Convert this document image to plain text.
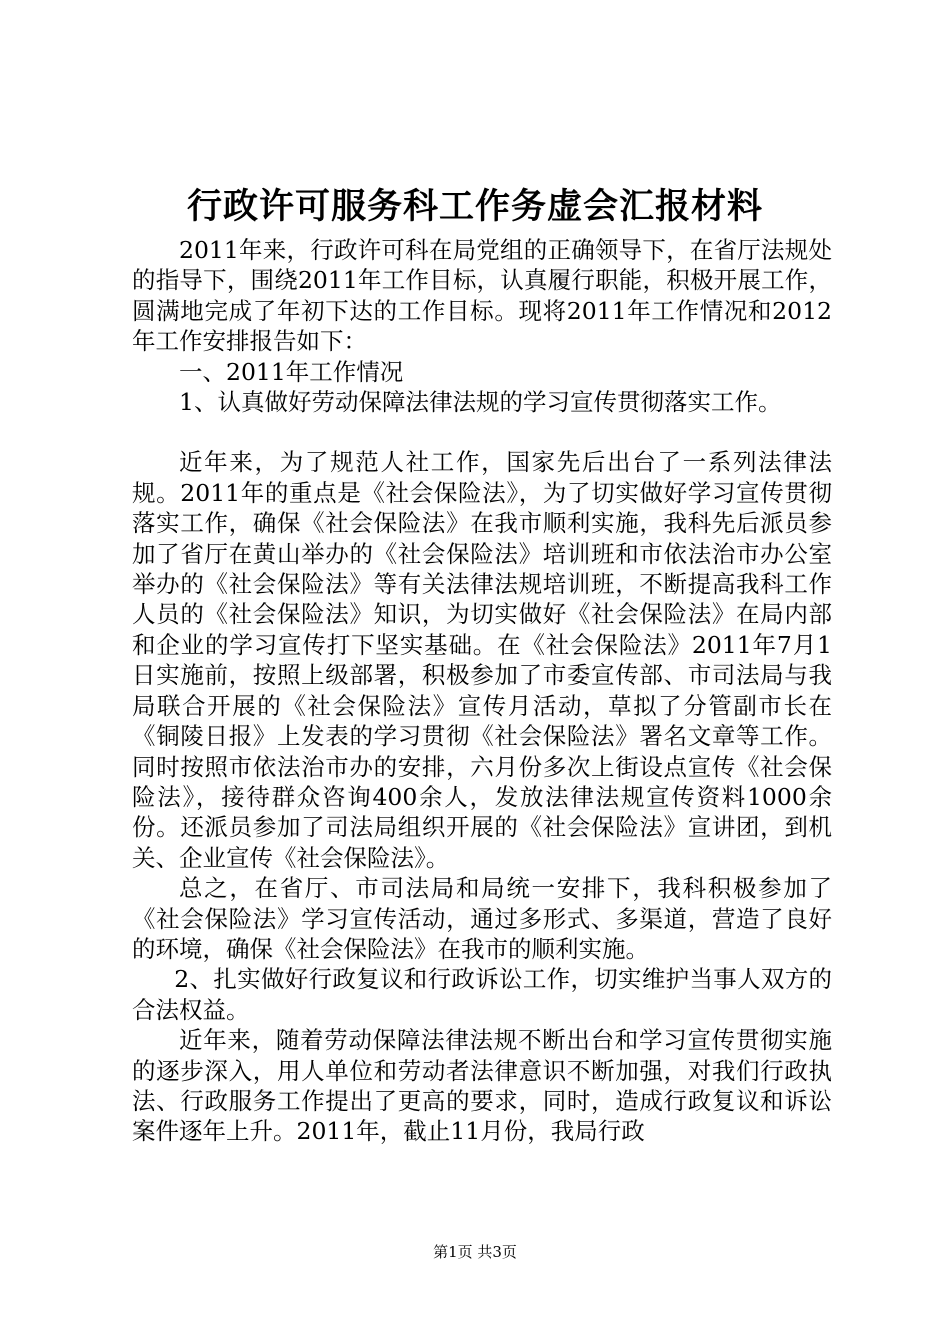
行政许可服务科工作务虚会汇报材料

2011年来，行政许可科在局党组的正确领导下，在省厅法规处的指导下，围绕2011年工作目标，认真履行职能，积极开展工作，圆满地完成了年初下达的工作目标。现将2011年工作情况和2012年工作安排报告如下：

一、2011年工作情况

1、认真做好劳动保障法律法规的学习宣传贯彻落实工作。

近年来，为了规范人社工作，国家先后出台了一系列法律法规。2011年的重点是《社会保险法》，为了切实做好学习宣传贯彻落实工作，确保《社会保险法》在我市顺利实施，我科先后派员参加了省厅在黄山举办的《社会保险法》培训班和市依法治市办公室举办的《社会保险法》等有关法律法规培训班，不断提高我科工作人员的《社会保险法》知识，为切实做好《社会保险法》在局内部和企业的学习宣传打下坚实基础。在《社会保险法》2011年7月1日实施前，按照上级部署，积极参加了市委宣传部、市司法局与我局联合开展的《社会保险法》宣传月活动，草拟了分管副市长在《铜陵日报》上发表的学习贯彻《社会保险法》署名文章等工作。同时按照市依法治市办的安排，六月份多次上街设点宣传《社会保险法》，接待群众咨询400余人，发放法律法规宣传资料1000余份。还派员参加了司法局组织开展的《社会保险法》宣讲团，到机关、企业宣传《社会保险法》。

总之，在省厅、市司法局和局统一安排下，我科积极参加了《社会保险法》学习宣传活动，通过多形式、多渠道，营造了良好的环境，确保《社会保险法》在我市的顺利实施。

2、扎实做好行政复议和行政诉讼工作，切实维护当事人双方的合法权益。

近年来，随着劳动保障法律法规不断出台和学习宣传贯彻实施的逐步深入，用人单位和劳动者法律意识不断加强，对我们行政执法、行政服务工作提出了更高的要求，同时，造成行政复议和诉讼案件逐年上升。2011年，截止11月份，我局行政

第1页 共3页
